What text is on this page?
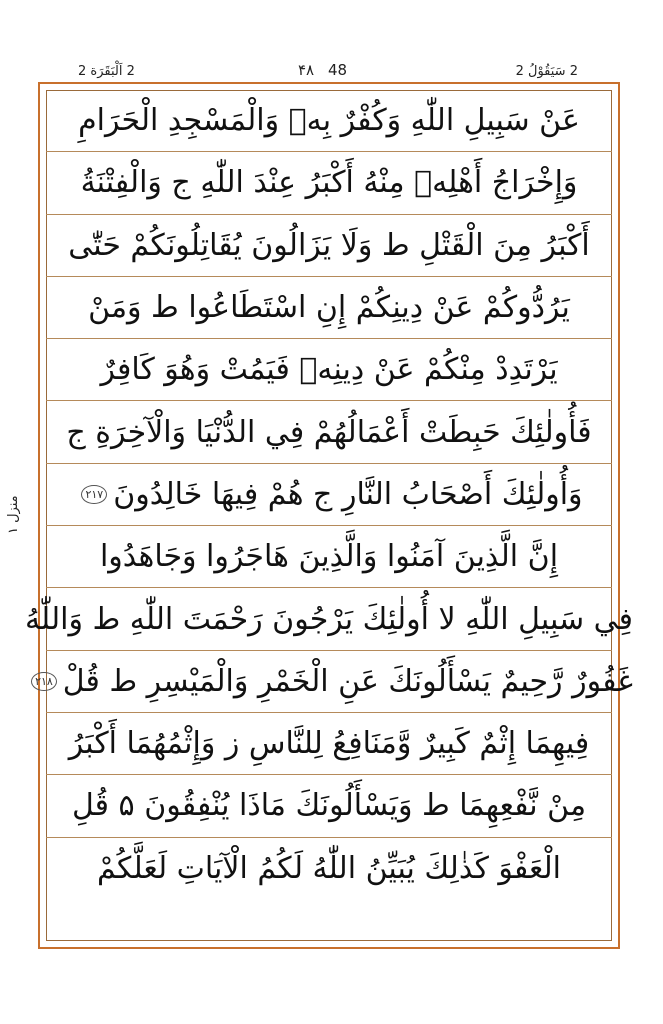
2 اَلْبَقَرَة 2	۴۸ 48	2 سَيَقُوْلُ 2
منزل ١
عَنْ سَبِيلِ اللّٰهِ وَكُفْرٌ بِهٖ وَالْمَسْجِدِ الْحَرَامِ
وَإِخْرَاجُ أَهْلِهٖ مِنْهُ أَكْبَرُ عِنْدَ اللّٰهِ ج وَالْفِتْنَةُ
أَكْبَرُ مِنَ الْقَتْلِ ط وَلَا يَزَالُونَ يُقَاتِلُونَكُمْ حَتّٰى
يَرُدُّوكُمْ عَنْ دِينِكُمْ إِنِ اسْتَطَاعُوا ط وَمَنْ
يَرْتَدِدْ مِنْكُمْ عَنْ دِينِهٖ فَيَمُتْ وَهُوَ كَافِرٌ
فَأُولٰئِكَ حَبِطَتْ أَعْمَالُهُمْ فِي الدُّنْيَا وَالْآخِرَةِ ج
وَأُولٰئِكَ أَصْحَابُ النَّارِ ج هُمْ فِيهَا خَالِدُونَ
٢١٧
إِنَّ الَّذِينَ آمَنُوا وَالَّذِينَ هَاجَرُوا وَجَاهَدُوا
فِي سَبِيلِ اللّٰهِ لا أُولٰئِكَ يَرْجُونَ رَحْمَتَ اللّٰهِ ط وَاللّٰهُ
غَفُورٌ رَّحِيمٌ يَسْأَلُونَكَ عَنِ الْخَمْرِ وَالْمَيْسِرِ ط قُلْ
٢١٨
فِيهِمَا إِثْمٌ كَبِيرٌ وَّمَنَافِعُ لِلنَّاسِ ز وَإِثْمُهُمَا أَكْبَرُ
مِنْ نَّفْعِهِمَا ط وَيَسْأَلُونَكَ مَاذَا يُنْفِقُونَ ۵ قُلِ
الْعَفْوَ كَذٰلِكَ يُبَيِّنُ اللّٰهُ لَكُمُ الْآيَاتِ لَعَلَّكُمْ
